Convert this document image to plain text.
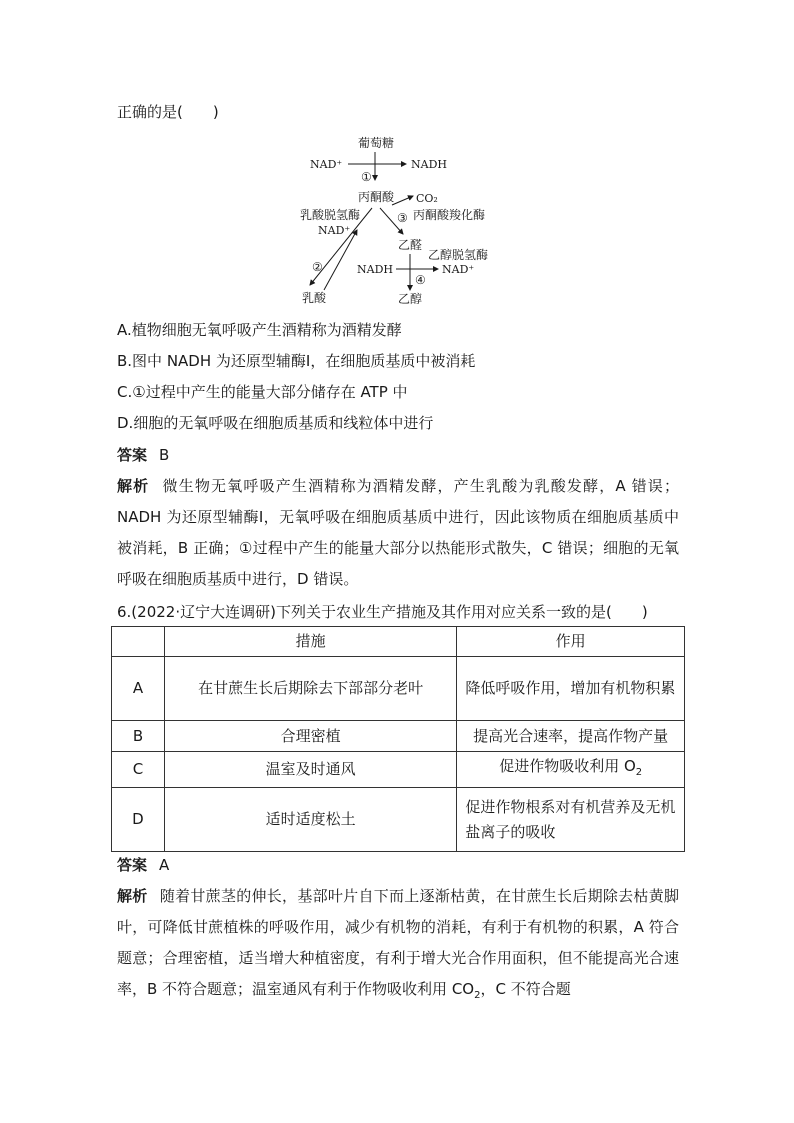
正确的是(　　)
葡萄糖
NAD⁺	NADH
①
丙酮酸 CO₂
③ 丙酮酸羧化酶
乳酸脱氢酶
NAD⁺
②
乙醛
乙醇脱氢酶
NADH
④
NAD⁺
乳酸	乙醇
A.植物细胞无氧呼吸产生酒精称为酒精发酵
B.图中 NADH 为还原型辅酶Ⅰ，在细胞质基质中被消耗
C.①过程中产生的能量大部分储存在 ATP 中
D.细胞的无氧呼吸在细胞质基质和线粒体中进行
答案 B
解析 微生物无氧呼吸产生酒精称为酒精发酵，产生乳酸为乳酸发酵，A 错误；NADH 为还原型辅酶Ⅰ，无氧呼吸在细胞质基质中进行，因此该物质在细胞质基质中被消耗，B 正确；①过程中产生的能量大部分以热能形式散失，C 错误；细胞的无氧呼吸在细胞质基质中进行，D 错误。
6.(2022·辽宁大连调研)下列关于农业生产措施及其作用对应关系一致的是(　　)
	措施	作用
A	在甘蔗生长后期除去下部部分老叶	降低呼吸作用，增加有机物积累
B	合理密植	提高光合速率，提高作物产量
C	温室及时通风	促进作物吸收利用 $O_2$
D	适时适度松土	促进作物根系对有机营养及无机盐离子的吸收
答案 A
解析 随着甘蔗茎的伸长，基部叶片自下而上逐渐枯黄，在甘蔗生长后期除去枯黄脚叶，可降低甘蔗植株的呼吸作用，减少有机物的消耗，有利于有机物的积累，A 符合题意；合理密植，适当增大种植密度，有利于增大光合作用面积，但不能提高光合速率，B 不符合题意；温室通风有利于作物吸收利用 $CO_2$，C 不符合题
